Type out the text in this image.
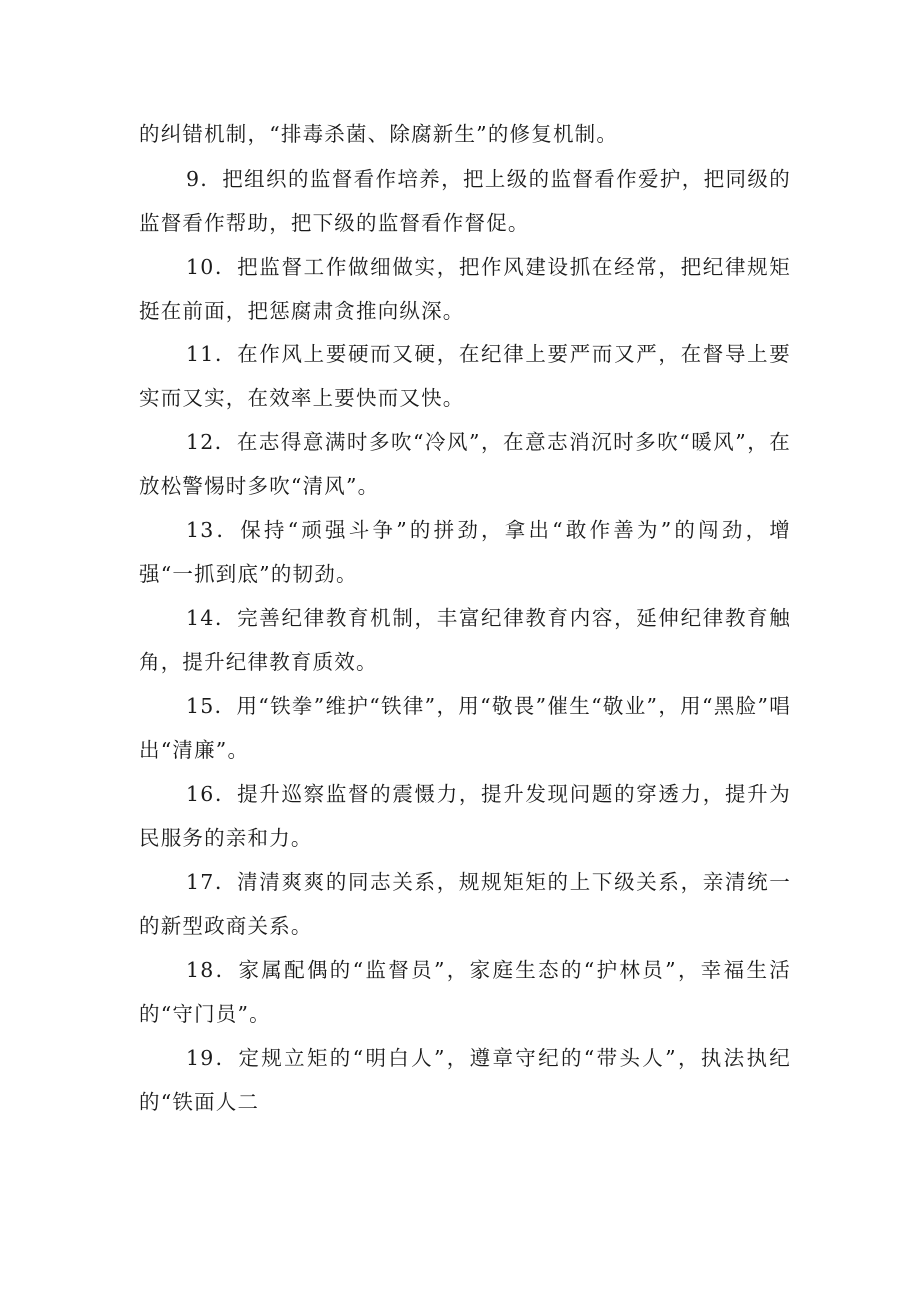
的纠错机制，“排毒杀菌、除腐新生”的修复机制。

9．把组织的监督看作培养，把上级的监督看作爱护，把同级的监督看作帮助，把下级的监督看作督促。

10．把监督工作做细做实，把作风建设抓在经常，把纪律规矩挺在前面，把惩腐肃贪推向纵深。

11．在作风上要硬而又硬，在纪律上要严而又严，在督导上要实而又实，在效率上要快而又快。

12．在志得意满时多吹“冷风”，在意志消沉时多吹“暖风”，在放松警惕时多吹“清风”。

13．保持“顽强斗争”的拼劲，拿出“敢作善为”的闯劲，增强“一抓到底”的韧劲。

14．完善纪律教育机制，丰富纪律教育内容，延伸纪律教育触角，提升纪律教育质效。

15．用“铁拳”维护“铁律”，用“敬畏”催生“敬业”，用“黑脸”唱出“清廉”。

16．提升巡察监督的震慑力，提升发现问题的穿透力，提升为民服务的亲和力。

17．清清爽爽的同志关系，规规矩矩的上下级关系，亲清统一的新型政商关系。

18．家属配偶的“监督员”，家庭生态的“护林员”，幸福生活的“守门员”。

19．定规立矩的“明白人”，遵章守纪的“带头人”，执法执纪的“铁面人二
